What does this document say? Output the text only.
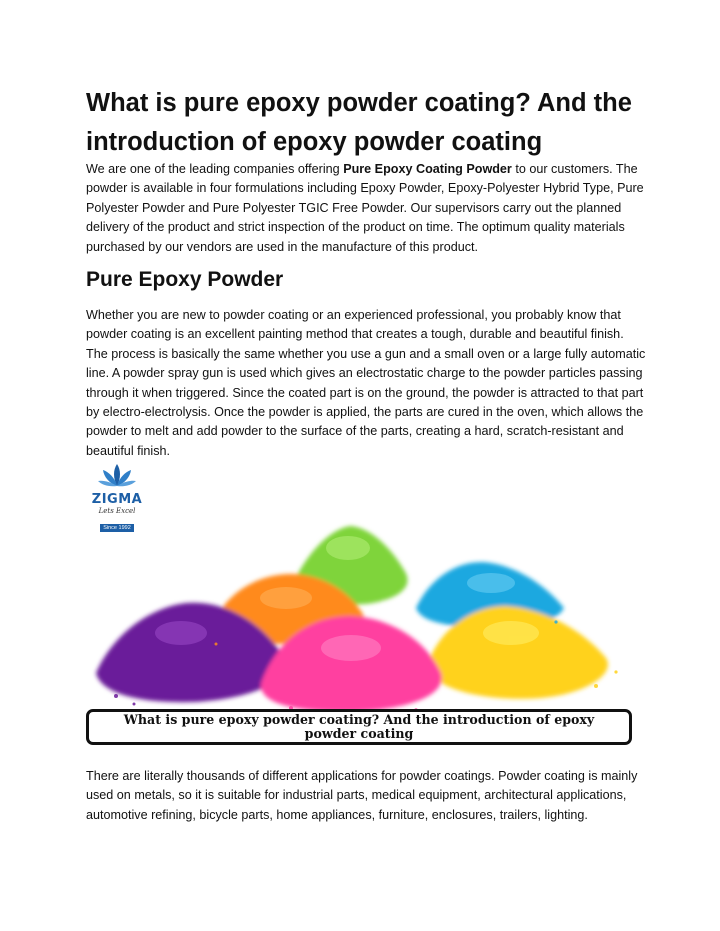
What is pure epoxy powder coating? And the introduction of epoxy powder coating

We are one of the leading companies offering Pure Epoxy Coating Powder to our customers. The powder is available in four formulations including Epoxy Powder, Epoxy-Polyester Hybrid Type, Pure Polyester Powder and Pure Polyester TGIC Free Powder. Our supervisors carry out the planned delivery of the product and strict inspection of the product on time. The optimum quality materials purchased by our vendors are used in the manufacture of this product.

Pure Epoxy Powder

Whether you are new to powder coating or an experienced professional, you probably know that powder coating is an excellent painting method that creates a tough, durable and beautiful finish. The process is basically the same whether you use a gun and a small oven or a large fully automatic line. A powder spray gun is used which gives an electrostatic charge to the powder particles passing through it when triggered. Since the coated part is on the ground, the powder is attracted to that part by electro-electrolysis. Once the powder is applied, the parts are cured in the oven, which allows the powder to melt and add powder to the surface of the parts, creating a hard, scratch-resistant and beautiful finish.

ZIGMA
Lets Excel
Since 1992
What is pure epoxy powder coating? And the introduction of epoxy powder coating

There are literally thousands of different applications for powder coatings. Powder coating is mainly used on metals, so it is suitable for industrial parts, medical equipment, architectural applications, automotive refining, bicycle parts, home appliances, furniture, enclosures, trailers, lighting.
